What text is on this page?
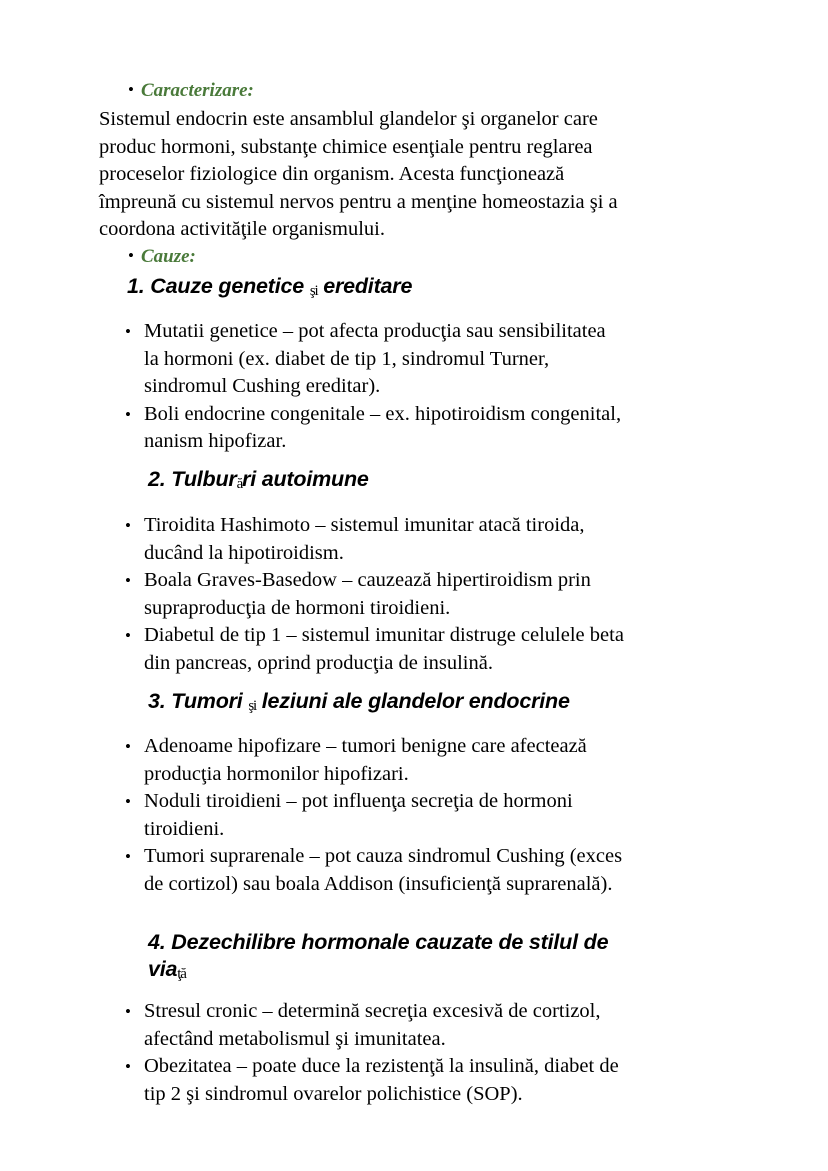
• Caracterizare:
Sistemul endocrin este ansamblul glandelor şi organelor care produc hormoni, substanţe chimice esenţiale pentru reglarea proceselor fiziologice din organism. Acesta funcţionează împreună cu sistemul nervos pentru a menţine homeostazia şi a coordona activităţile organismului.
• Cauze:
1. Cauze genetice şi ereditare
• Mutatii genetice – pot afecta producţia sau sensibilitatea la hormoni (ex. diabet de tip 1, sindromul Turner, sindromul Cushing ereditar).
• Boli endocrine congenitale – ex. hipotiroidism congenital, nanism hipofizar.
2. Tulburări autoimune
• Tiroidita Hashimoto – sistemul imunitar atacă tiroida, ducând la hipotiroidism.
• Boala Graves-Basedow – cauzează hipertiroidism prin supraproducţia de hormoni tiroidieni.
• Diabetul de tip 1 – sistemul imunitar distruge celulele beta din pancreas, oprind producţia de insulină.
3. Tumori şi leziuni ale glandelor endocrine
• Adenoame hipofizare – tumori benigne care afectează producţia hormonilor hipofizari.
• Noduli tiroidieni – pot influenţa secreţia de hormoni tiroidieni.
• Tumori suprarenale – pot cauza sindromul Cushing (exces de cortizol) sau boala Addison (insuficienţă suprarenală).
4. Dezechilibre hormonale cauzate de stilul de viaţă
• Stresul cronic – determină secreţia excesivă de cortizol, afectând metabolismul şi imunitatea.
• Obezitatea – poate duce la rezistenţă la insulină, diabet de tip 2 şi sindromul ovarelor polichistice (SOP).
